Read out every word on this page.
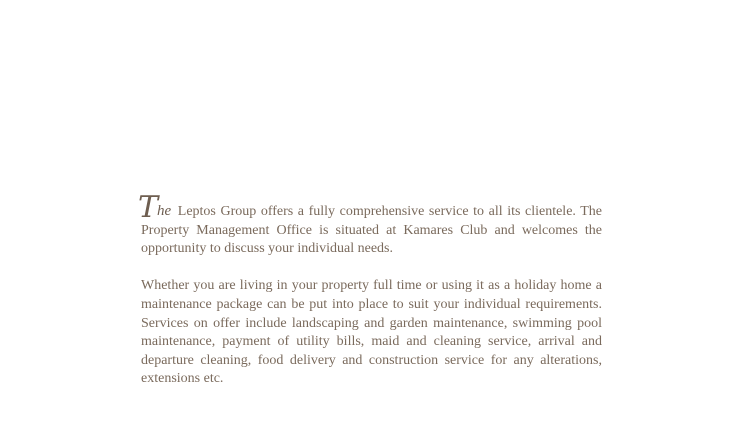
The Leptos Group offers a fully comprehensive service to all its clientele. The Property Management Office is situated at Kamares Club and welcomes the opportunity to discuss your individual needs.

Whether you are living in your property full time or using it as a holiday home a maintenance package can be put into place to suit your individual requirements. Services on offer include landscaping and garden maintenance, swimming pool maintenance, payment of utility bills, maid and cleaning service, arrival and departure cleaning, food delivery and construction service for any alterations, extensions etc.
